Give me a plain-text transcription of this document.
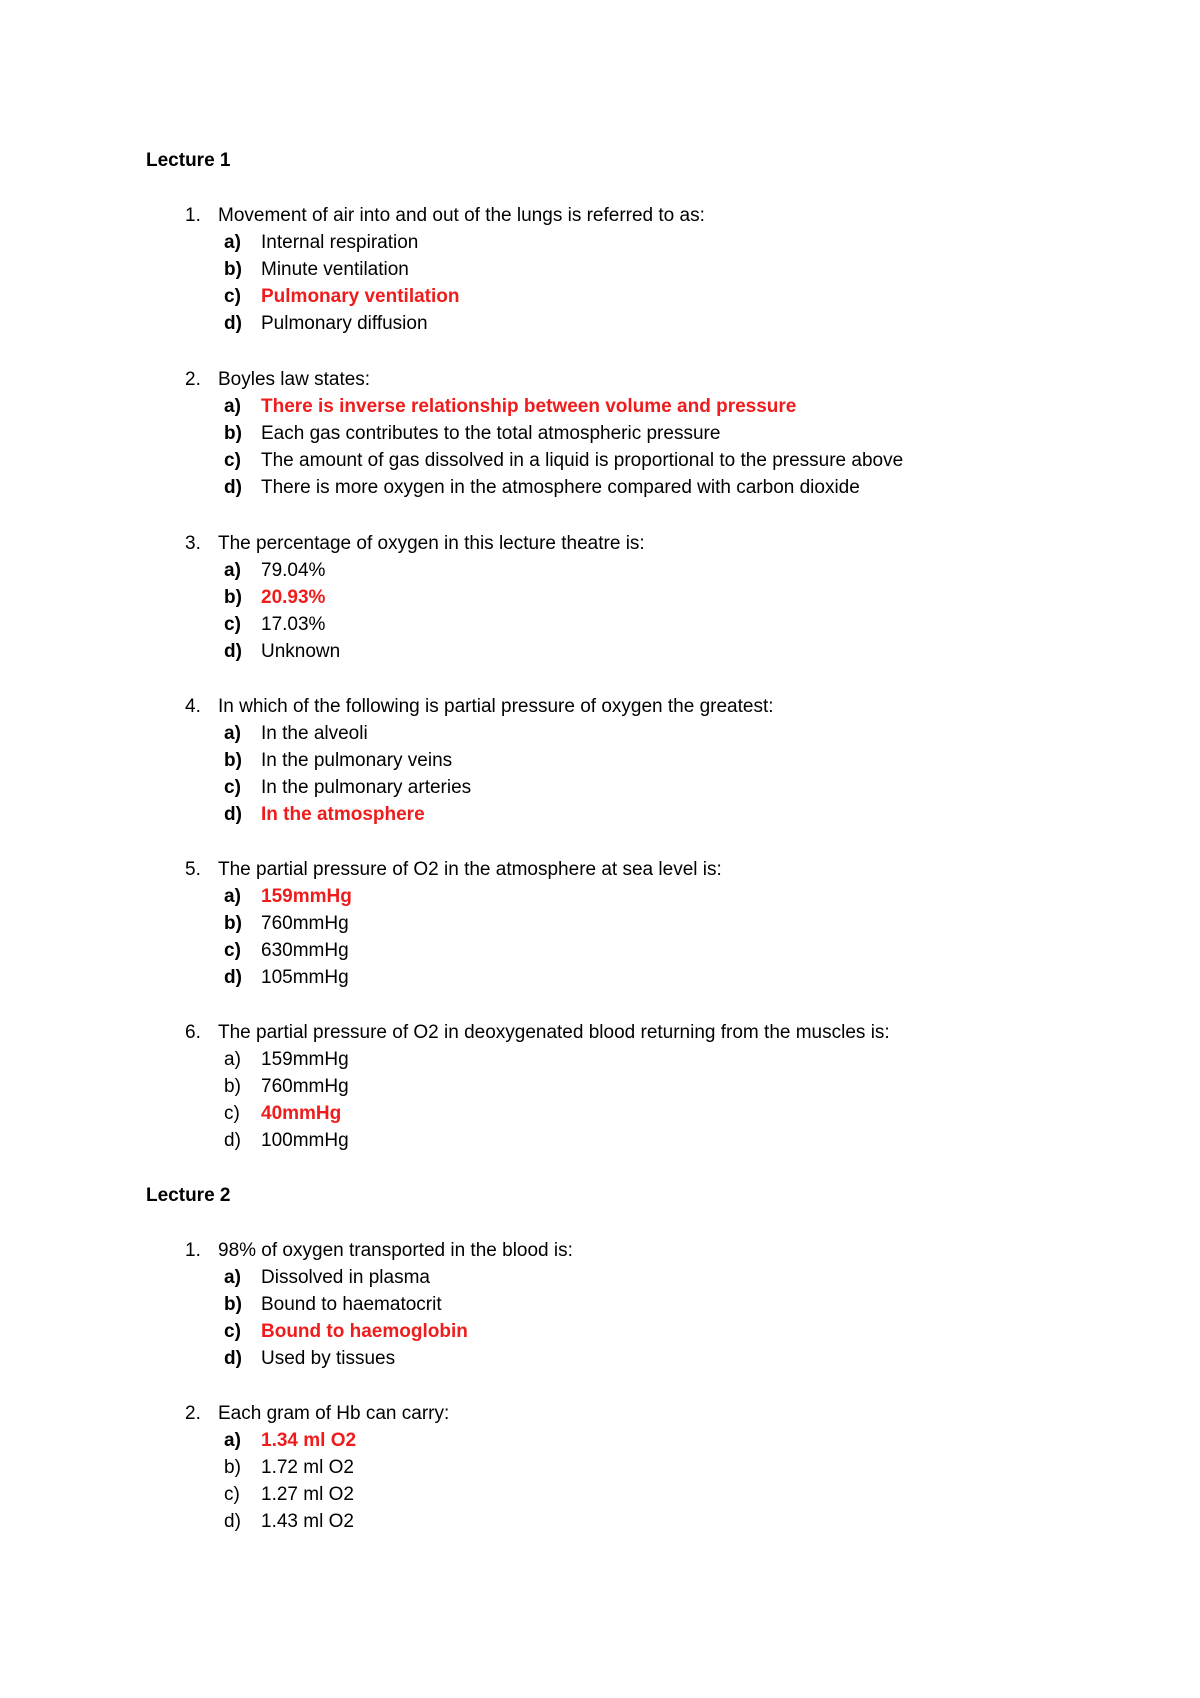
Lecture 1
1. Movement of air into and out of the lungs is referred to as:
a) Internal respiration
b) Minute ventilation
c) Pulmonary ventilation
d) Pulmonary diffusion
2. Boyles law states:
a) There is inverse relationship between volume and pressure
b) Each gas contributes to the total atmospheric pressure
c) The amount of gas dissolved in a liquid is proportional to the pressure above
d) There is more oxygen in the atmosphere compared with carbon dioxide
3. The percentage of oxygen in this lecture theatre is:
a) 79.04%
b) 20.93%
c) 17.03%
d) Unknown
4. In which of the following is partial pressure of oxygen the greatest:
a) In the alveoli
b) In the pulmonary veins
c) In the pulmonary arteries
d) In the atmosphere
5. The partial pressure of O2 in the atmosphere at sea level is:
a) 159mmHg
b) 760mmHg
c) 630mmHg
d) 105mmHg
6. The partial pressure of O2 in deoxygenated blood returning from the muscles is:
a) 159mmHg
b) 760mmHg
c) 40mmHg
d) 100mmHg
Lecture 2
1. 98% of oxygen transported in the blood is:
a) Dissolved in plasma
b) Bound to haematocrit
c) Bound to haemoglobin
d) Used by tissues
2. Each gram of Hb can carry:
a) 1.34 ml O2
b) 1.72 ml O2
c) 1.27 ml O2
d) 1.43 ml O2
